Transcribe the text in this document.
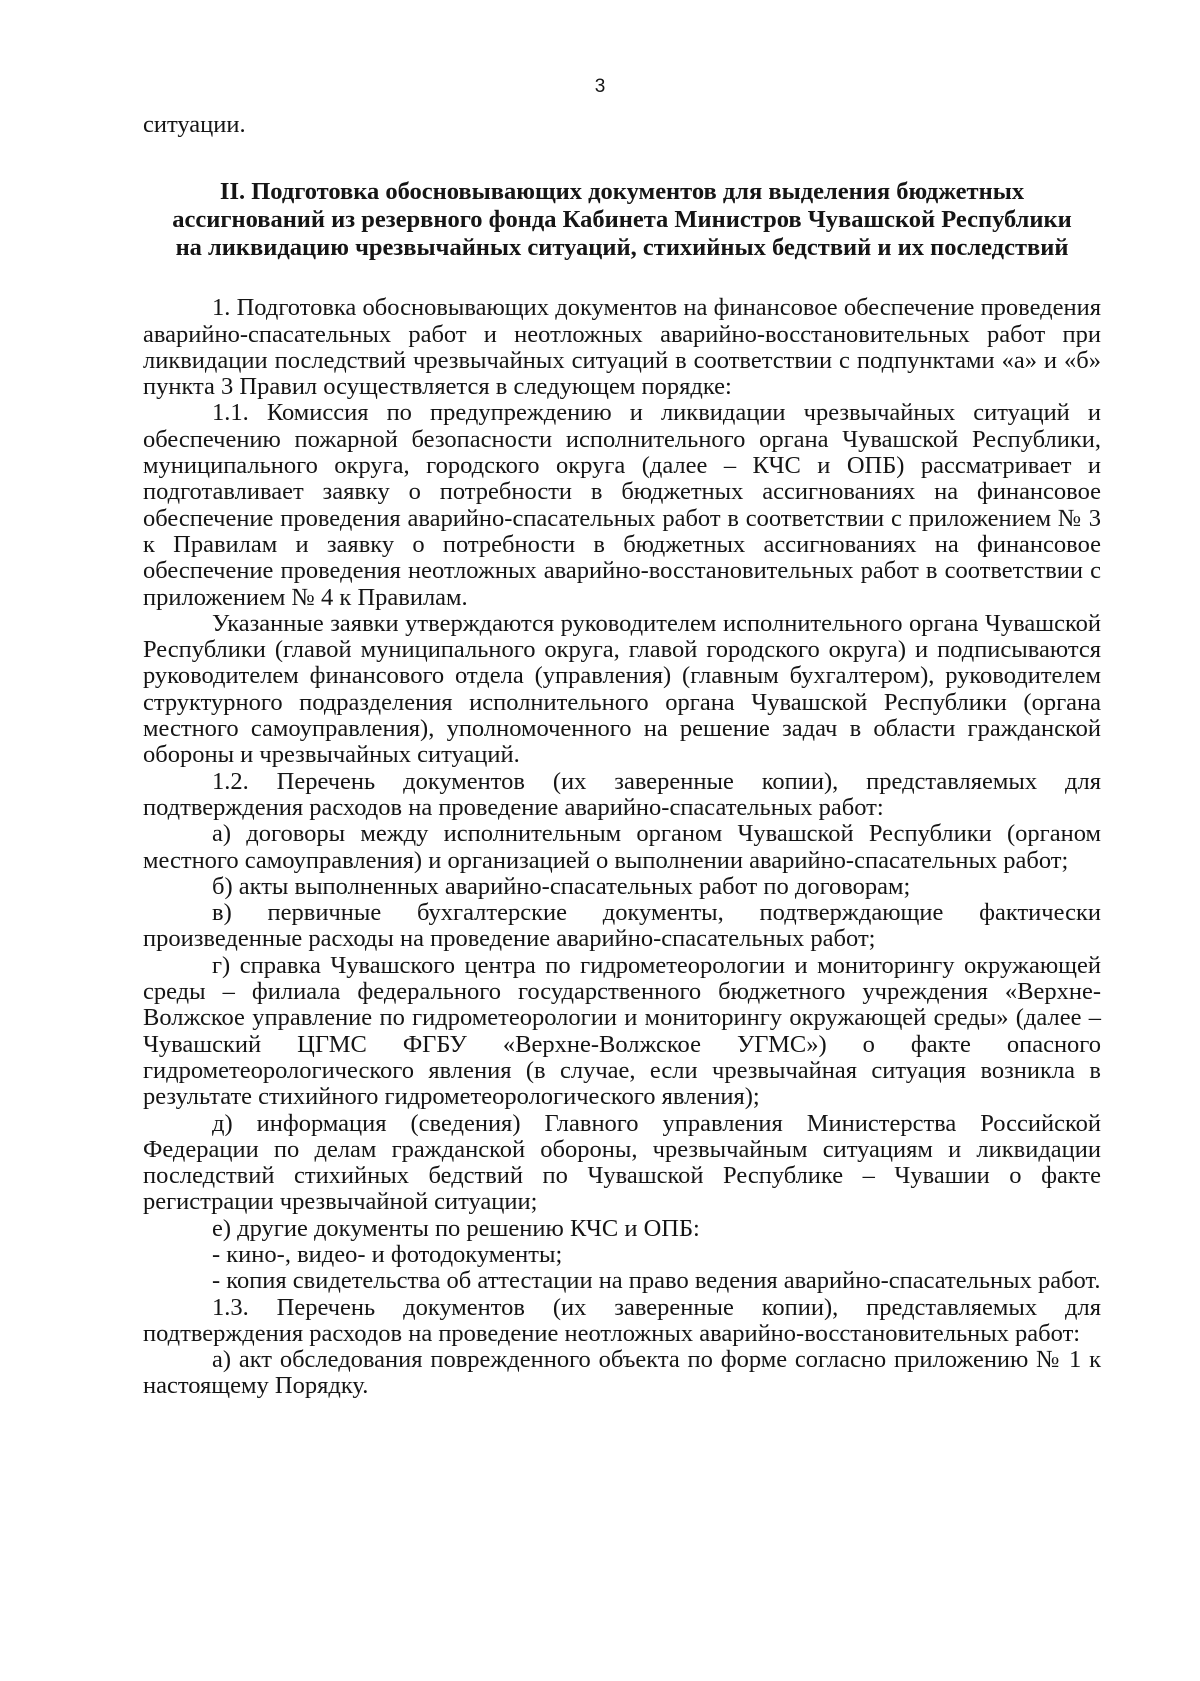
3

ситуации.

II. Подготовка обосновывающих документов для выделения бюджетных
ассигнований из резервного фонда Кабинета Министров Чувашской Республики
на ликвидацию чрезвычайных ситуаций, стихийных бедствий и их последствий

1. Подготовка обосновывающих документов на финансовое обеспечение проведения аварийно-спасательных работ и неотложных аварийно-восстановительных работ при ликвидации последствий чрезвычайных ситуаций в соответствии с подпунктами «а» и «б» пункта 3 Правил осуществляется в следующем порядке:

1.1. Комиссия по предупреждению и ликвидации чрезвычайных ситуаций и обеспечению пожарной безопасности исполнительного органа Чувашской Республики, муниципального округа, городского округа (далее – КЧС и ОПБ) рассматривает и подготавливает заявку о потребности в бюджетных ассигнованиях на финансовое обеспечение проведения аварийно-спасательных работ в соответствии с приложением № 3 к Правилам и заявку о потребности в бюджетных ассигнованиях на финансовое обеспечение проведения неотложных аварийно-восстановительных работ в соответствии с приложением № 4 к Правилам.

Указанные заявки утверждаются руководителем исполнительного органа Чувашской Республики (главой муниципального округа, главой городского округа) и подписываются руководителем финансового отдела (управления) (главным бухгалтером), руководителем структурного подразделения исполнительного органа Чувашской Республики (органа местного самоуправления), уполномоченного на решение задач в области гражданской обороны и чрезвычайных ситуаций.

1.2. Перечень документов (их заверенные копии), представляемых для подтверждения расходов на проведение аварийно-спасательных работ:

а) договоры между исполнительным органом Чувашской Республики (органом местного самоуправления) и организацией о выполнении аварийно-спасательных работ;

б) акты выполненных аварийно-спасательных работ по договорам;

в) первичные бухгалтерские документы, подтверждающие фактически произведенные расходы на проведение аварийно-спасательных работ;

г) справка Чувашского центра по гидрометеорологии и мониторингу окружающей среды – филиала федерального государственного бюджетного учреждения «Верхне-Волжское управление по гидрометеорологии и мониторингу окружающей среды» (далее – Чувашский ЦГМС ФГБУ «Верхне-Волжское УГМС») о факте опасного гидрометеорологического явления (в случае, если чрезвычайная ситуация возникла в результате стихийного гидрометеорологического явления);

д) информация (сведения) Главного управления Министерства Российской Федерации по делам гражданской обороны, чрезвычайным ситуациям и ликвидации последствий стихийных бедствий по Чувашской Республике – Чувашии о факте регистрации чрезвычайной ситуации;

е) другие документы по решению КЧС и ОПБ:

- кино-, видео- и фотодокументы;

- копия свидетельства об аттестации на право ведения аварийно-спасательных работ.

1.3. Перечень документов (их заверенные копии), представляемых для подтверждения расходов на проведение неотложных аварийно-восстановительных работ:

а) акт обследования поврежденного объекта по форме согласно приложению № 1 к настоящему Порядку.
